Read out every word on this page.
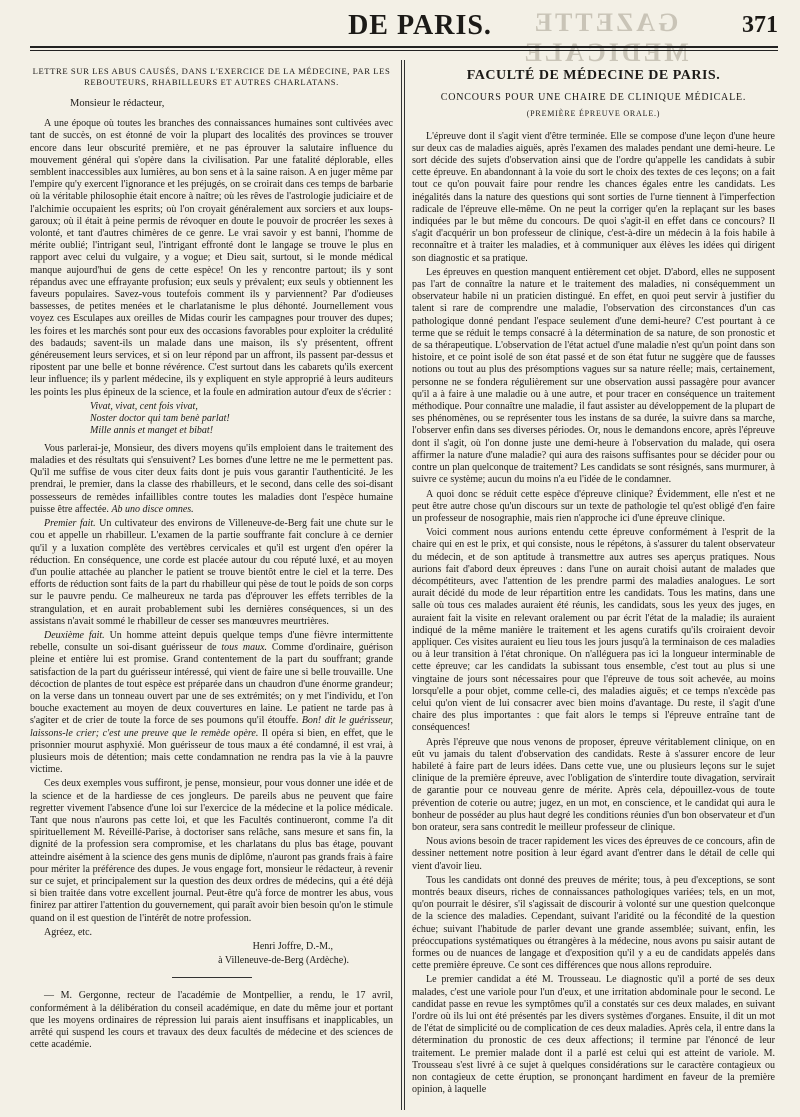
GAZETTE MEDICALE
DE PARIS.	371

LETTRE SUR LES ABUS CAUSÉS, DANS L'EXERCICE DE LA MÉDECINE, PAR LES REBOUTEURS, RHABILLEURS ET AUTRES CHARLATANS.

Monsieur le rédacteur,

A une époque où toutes les branches des connaissances humaines sont cultivées avec tant de succès, on est étonné de voir la plupart des localités des provinces se trouver encore dans leur obscurité première, et ne pas éprouver la salutaire influence du mouvement général qui s'opère dans la civilisation. Par une fatalité déplorable, elles semblent inaccessibles aux lumières, au bon sens et à la saine raison. A en juger même par l'empire qu'y exercent l'ignorance et les préjugés, on se croirait dans ces temps de barbarie où la véritable philosophie était encore à naître; où les rêves de l'astrologie judiciaire et de l'alchimie occupaient les esprits; où l'on croyait généralement aux sorciers et aux loups-garoux; où il était à peine permis de révoquer en doute le pouvoir de procréer les sexes à volonté, et tant d'autres chimères de ce genre. Le vrai savoir y est banni, l'homme de mérite oublié; l'intrigant seul, l'intrigant effronté dont le langage se trouve le plus en rapport avec celui du vulgaire, y a vogue; et Dieu sait, surtout, si le monde médical manque aujourd'hui de gens de cette espèce! On les y rencontre partout; ils y sont répandus avec une effrayante profusion; eux seuls y prévalent; eux seuls y obtiennent les faveurs populaires. Savez-vous toutefois comment ils y parviennent? Par d'odieuses bassesses, de petites menées et le charlatanisme le plus déhonté. Journellement vous voyez ces Esculapes aux oreilles de Midas courir les campagnes pour trouver des dupes; les foires et les marchés sont pour eux des occasions favorables pour exploiter la crédulité des badauds; savent-ils un malade dans une maison, ils s'y présentent, offrent généreusement leurs services, et si on leur répond par un affront, ils passent par-dessus et ripostent par une belle et bonne révérence. C'est surtout dans les cabarets qu'ils exercent leur influence; ils y parlent médecine, ils y expliquent en style approprié à leurs auditeurs les points les plus épineux de la science, et la foule en admiration autour d'eux de s'écrier :

Vivat, vivat, cent fois vivat,
Noster doctor qui tam benè parlat!
Mille annis et manget et bibat!

Vous parlerai-je, Monsieur, des divers moyens qu'ils emploient dans le traitement des maladies et des résultats qui s'ensuivent? Les bornes d'une lettre ne me le permettent pas. Qu'il me suffise de vous citer deux faits dont je puis vous garantir l'authenticité. Je les prendrai, le premier, dans la classe des rhabilleurs, et le second, dans celle des soi-disant possesseurs de remèdes infaillibles contre toutes les maladies dont l'espèce humaine puisse être affectée. Ab uno disce omnes.

Premier fait. Un cultivateur des environs de Villeneuve-de-Berg fait une chute sur le cou et appelle un rhabilleur. L'examen de la partie souffrante fait conclure à ce dernier qu'il y a luxation complète des vertèbres cervicales et qu'il est urgent d'en opérer la réduction. En conséquence, une corde est placée autour du cou réputé luxé, et au moyen d'un poulie attachée au plancher le patient se trouve bientôt entre le ciel et la terre. Des efforts de réduction sont faits de la part du rhabilleur qui pèse de tout le poids de son corps sur le pauvre pendu. Ce malheureux ne tarda pas d'éprouver les effets terribles de la strangulation, et en aurait probablement subi les dernières conséquences, si un des assistans n'avait sommé le rhabilleur de cesser ses manœuvres meurtrières.

Deuxième fait. Un homme atteint depuis quelque temps d'une fièvre intermittente rebelle, consulte un soi-disant guérisseur de tous maux. Comme d'ordinaire, guérison pleine et entière lui est promise. Grand contentement de la part du souffrant; grande satisfaction de la part du guérisseur intéressé, qui vient de faire une si belle trouvaille. Une décoction de plantes de tout espèce est préparée dans un chaudron d'une énorme grandeur; on la verse dans un tonneau ouvert par une de ses extrémités; on y met l'individu, et l'on bouche exactement au moyen de deux couvertures en laine. Le patient ne tarde pas à s'agiter et de crier de toute la force de ses poumons qu'il étouffe. Bon! dit le guérisseur, laissons-le crier; c'est une preuve que le remède opère. Il opéra si bien, en effet, que le prisonnier mourut asphyxié. Mon guérisseur de tous maux a été condamné, il est vrai, à plusieurs mois de détention; mais cette condamnation ne rendra pas la vie à la pauvre victime.

Ces deux exemples vous suffiront, je pense, monsieur, pour vous donner une idée et de la science et de la hardiesse de ces jongleurs. De pareils abus ne peuvent que faire regretter vivement l'absence d'une loi sur l'exercice de la médecine et la police médicale. Tant que nous n'aurons pas cette loi, et que les Facultés continueront, comme l'a dit spirituellement M. Réveillé-Parise, à doctoriser sans relâche, sans mesure et sans fin, la dignité de la profession sera compromise, et les charlatans du plus bas étage, pouvant atteindre aisément à la science des gens munis de diplôme, n'auront pas grands frais à faire pour mériter la préférence des dupes. Je vous engage fort, monsieur le rédacteur, à revenir sur ce sujet, et principalement sur la question des deux ordres de médecins, qui a été déjà si bien traitée dans votre excellent journal. Peut-être qu'à force de montrer les abus, vous finirez par attirer l'attention du gouvernement, qui paraît avoir bien besoin qu'on le stimule quand on il est question de l'intérêt de notre profession.

Agréez, etc.

Henri Joffre, D.-M.,

à Villeneuve-de-Berg (Ardèche).

— M. Gergonne, recteur de l'académie de Montpellier, a rendu, le 17 avril, conformément à la délibération du conseil académique, en date du même jour et portant que les moyens ordinaires de répression lui parais aient insuffisans et inapplicables, un arrêté qui suspend les cours et travaux des deux facultés de médecine et des sciences de cette académie.

FACULTÉ DE MÉDECINE DE PARIS.

CONCOURS POUR UNE CHAIRE DE CLINIQUE MÉDICALE.

(PREMIÈRE ÉPREUVE ORALE.)

L'épreuve dont il s'agit vient d'être terminée. Elle se compose d'une leçon d'une heure sur deux cas de maladies aiguës, après l'examen des malades pendant une demi-heure. Le sort décide des sujets d'observation ainsi que de l'ordre qu'appelle les candidats à subir cette épreuve. En abandonnant à la voie du sort le choix des textes de ces leçons; on a fait tout ce qu'on pouvait faire pour rendre les chances égales entre les candidats. Les inégalités dans la nature des questions qui sont sorties de l'urne tiennent à l'imperfection radicale de l'épreuve elle-même. On ne peut la corriger qu'en la replaçant sur les bases indiquées par le but même du concours. De quoi s'agit-il en effet dans ce concours? Il s'agit d'acquérir un bon professeur de clinique, c'est-à-dire un médecin à la fois habile à reconnaître et à traiter les maladies, et à communiquer aux élèves les idées qui dirigent son diagnostic et sa pratique.

Les épreuves en question manquent entièrement cet objet. D'abord, elles ne supposent pas l'art de connaître la nature et le traitement des maladies, ni conséquemment un observateur habile ni un praticien distingué. En effet, en quoi peut servir à justifier du talent si rare de comprendre une maladie, l'observation des circonstances d'un cas pathologique donné pendant l'espace seulement d'une demi-heure? C'est pourtant à ce terme que se réduit le temps consacré à la détermination de sa nature, de son pronostic et de sa thérapeutique. L'observation de l'état actuel d'une maladie n'est qu'un point dans son histoire, et ce point isolé de son état passé et de son état futur ne suggère que de fausses notions ou tout au plus des présomptions vagues sur sa nature réelle; mais, certainement, personne ne se fondera régulièrement sur une observation aussi passagère pour avancer qu'il a à faire à une maladie ou à une autre, et pour tracer en conséquence un traitement méthodique. Pour connaître une maladie, il faut assister au développement de la plupart de ses phénomènes, ou se représenter tous les instans de sa durée, la suivre dans sa marche, l'observer enfin dans ses diverses périodes. Or, nous le demandons encore, après l'épreuve dont il s'agit, où l'on donne juste une demi-heure à l'observation du malade, qui osera affirmer la nature d'une maladie? qui aura des raisons suffisantes pour se décider pour ou contre un plan quelconque de traitement? Les candidats se sont résignés, sans murmurer, à suivre ce système; aucun du moins n'a eu l'idée de le condamner.

A quoi donc se réduit cette espèce d'épreuve clinique? Évidemment, elle n'est et ne peut être autre chose qu'un discours sur un texte de pathologie tel qu'est obligé d'en faire un professeur de nosographie, mais rien n'approche ici d'une épreuve clinique.

Voici comment nous aurions entendu cette épreuve conformément à l'esprit de la chaire qui en est le prix, et qui consiste, nous le répétons, à s'assurer du talent observateur du médecin, et de son aptitude à transmettre aux autres ses aperçus pratiques. Nous aurions fait d'abord deux épreuves : dans l'une on aurait choisi autant de malades que décompétiteurs, avec l'attention de les prendre parmi des maladies analogues. Le sort aurait décidé du mode de leur répartition entre les candidats. Tous les matins, dans une salle où tous ces malades auraient été réunis, les candidats, sous les yeux des juges, en auraient fait la visite en relevant oralement ou par écrit l'état de la maladie; ils auraient indiqué de la même manière le traitement et les agens curatifs qu'ils croiraient devoir appliquer. Ces visites auraient eu lieu tous les jours jusqu'à la terminaison de ces maladies ou à leur transition à l'état chronique. On n'alléguera pas ici la longueur interminable de cette épreuve; car les candidats la subissant tous ensemble, c'est tout au plus si une vingtaine de jours sont nécessaires pour que l'épreuve de tous soit achevée, au moins lorsqu'elle a pour objet, comme celle-ci, des maladies aiguës; et ce temps n'excède pas celui qu'on vient de lui consacrer avec bien moins d'avantage. Du reste, il s'agit d'une chaire des plus importantes : que fait alors le temps si l'épreuve entraîne tant de conséquences!

Après l'épreuve que nous venons de proposer, épreuve véritablement clinique, on en eût vu jamais du talent d'observation des candidats. Reste à s'assurer encore de leur habileté à faire part de leurs idées. Dans cette vue, une ou plusieurs leçons sur le sujet clinique de la première épreuve, avec l'obligation de s'interdire toute divagation, servirait de garantie pour ce nouveau genre de mérite. Après cela, dépouillez-vous de toute prévention de coterie ou autre; jugez, en un mot, en conscience, et le candidat qui aura le bonheur de posséder au plus haut degré les conditions réunies d'un bon observateur et d'un bon orateur, sera sans contredit le meilleur professeur de clinique.

Nous avions besoin de tracer rapidement les vices des épreuves de ce concours, afin de dessiner nettement notre position à leur égard avant d'entrer dans le détail de celle qui vient d'avoir lieu.

Tous les candidats ont donné des preuves de mérite; tous, à peu d'exceptions, se sont montrés beaux diseurs, riches de connaissances pathologiques variées; tels, en un mot, qu'on pourrait le désirer, s'il s'agissait de discourir à volonté sur une question quelconque de la science des maladies. Cependant, suivant l'aridité ou la fécondité de la question échue; suivant l'habitude de parler devant une grande assemblée; suivant, enfin, les préoccupations systématiques ou étrangères à la médecine, nous avons pu saisir autant de formes ou de nuances de langage et d'exposition qu'il y a eu de candidats appelés dans cette première épreuve. Ce sont ces différences que nous allons reproduire.

Le premier candidat a été M. Trousseau. Le diagnostic qu'il a porté de ses deux malades, c'est une variole pour l'un d'eux, et une irritation abdominale pour le second. Le candidat passe en revue les symptômes qu'il a constatés sur ces deux malades, en suivant l'ordre où ils lui ont été présentés par les divers systèmes d'organes. Ensuite, il dit un mot de l'état de simplicité ou de complication de ces deux maladies. Après cela, il entre dans la détermination du pronostic de ces deux affections; il termine par l'énoncé de leur traitement. Le premier malade dont il a parlé est celui qui est atteint de variole. M. Trousseau s'est livré à ce sujet à quelques considérations sur le caractère contagieux ou non contagieux de cette éruption, se prononçant hardiment en faveur de la première opinion, à laquelle
